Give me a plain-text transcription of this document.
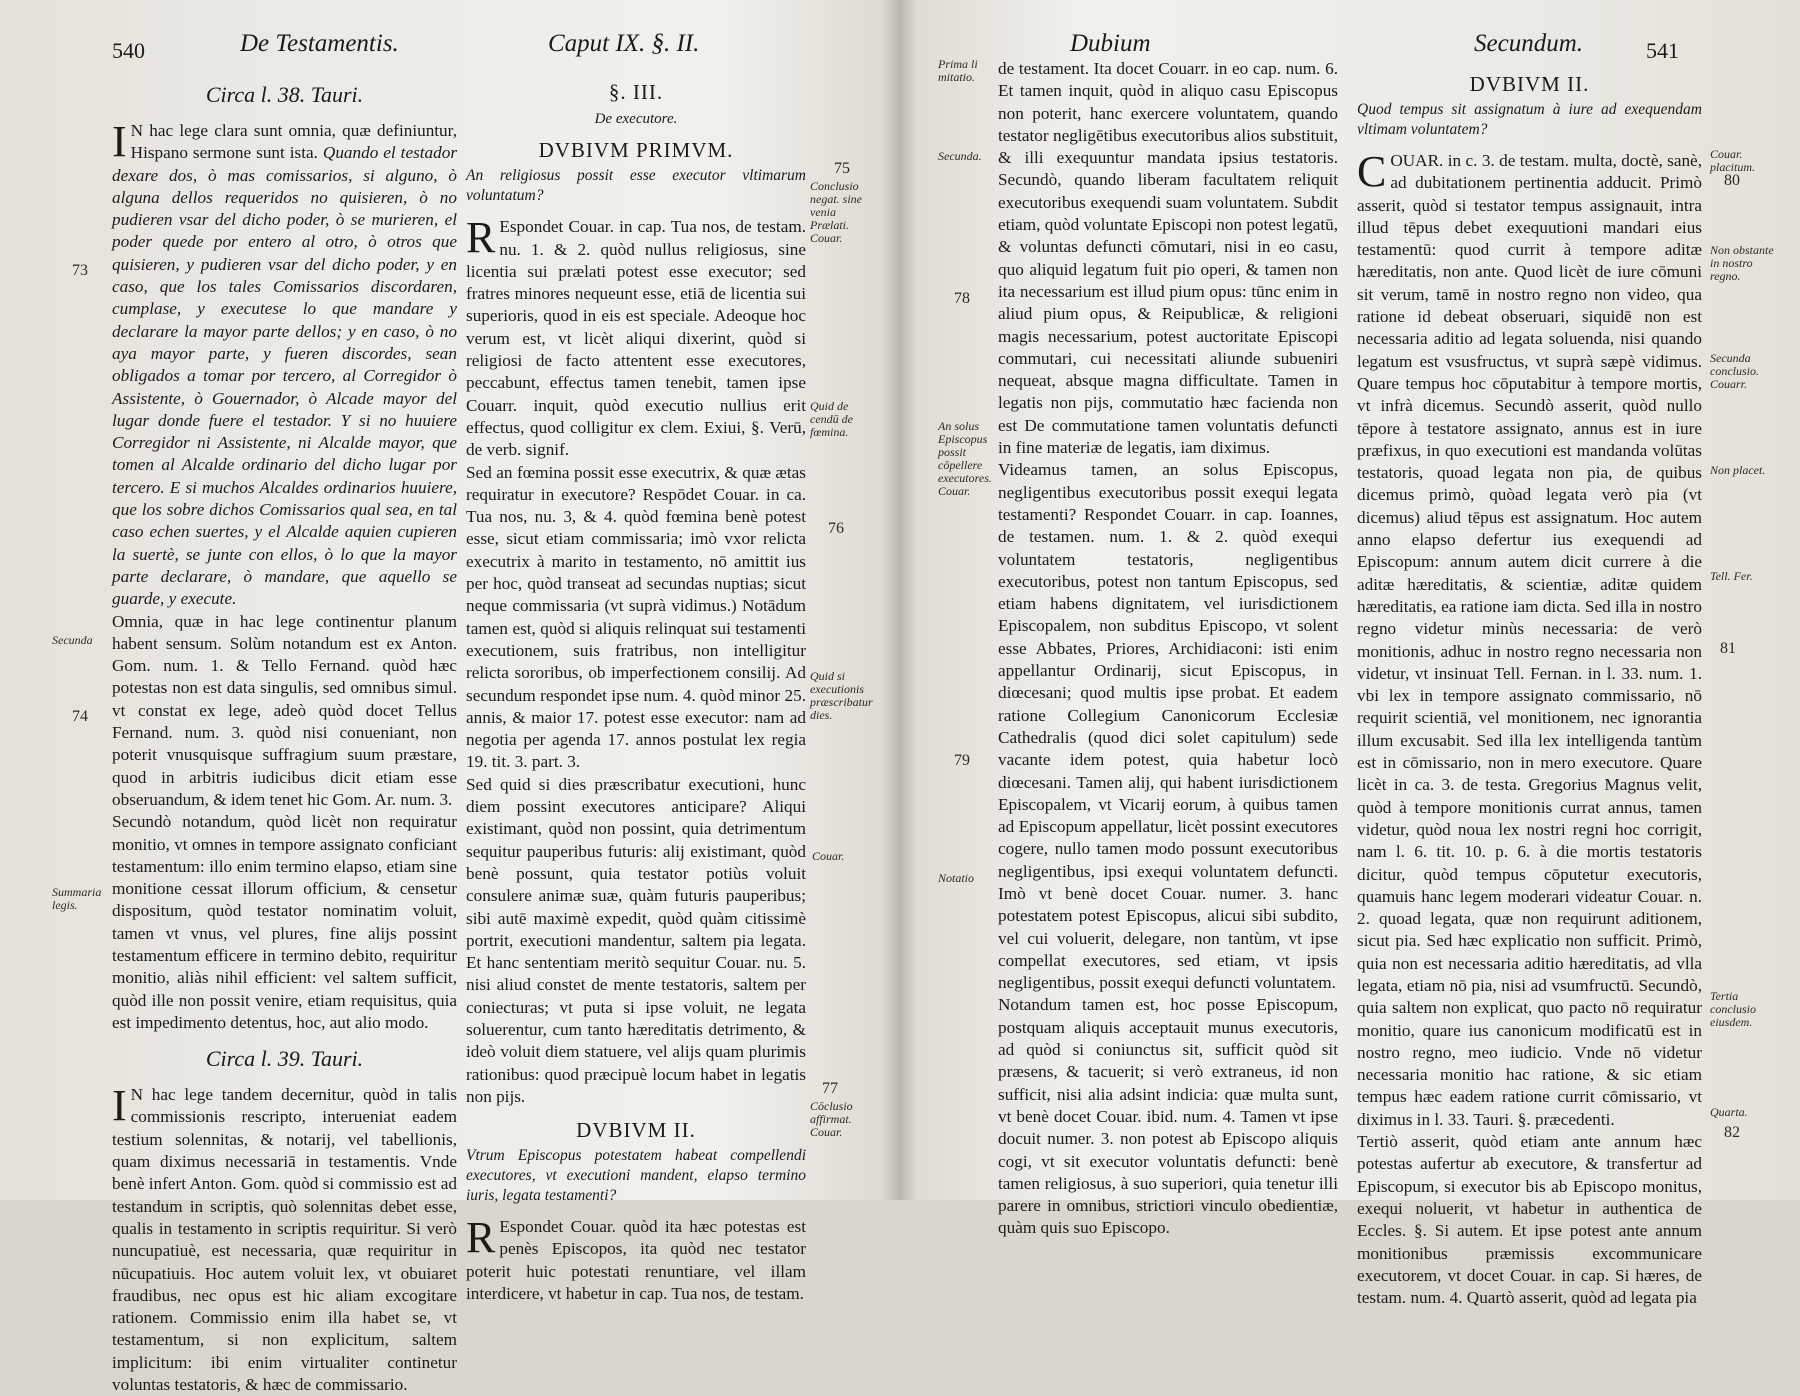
540	De Testamentis.	Caput IX. §. II.

Circa l. 38. Tauri.

I N hac lege clara sunt omnia, quæ definiuntur, Hispano sermone sunt ista. Quando el testador dexare dos, ò mas comissarios, si alguno, ò alguna dellos requeridos no quisieren, ò no pudieren vsar del dicho poder, ò se murieren, el poder quede por entero al otro, ò otros que quisieren, y pudieren vsar del dicho poder, y en caso, que los tales Comissarios discordaren, cumplase, y executese lo que mandare y declarare la mayor parte dellos; y en caso, ò no aya mayor parte, y fueren discordes, sean obligados a tomar por tercero, al Corregidor ò Assistente, ò Gouernador, ò Alcade mayor del lugar donde fuere el testador. Y si no huuiere Corregidor ni Assistente, ni Alcalde mayor, que tomen al Alcalde ordinario del dicho lugar por tercero. E si muchos Alcaldes ordinarios huuiere, que los sobre dichos Comissarios qual sea, en tal caso echen suertes, y el Alcalde aquien cupieren la suertè, se junte con ellos, ò lo que la mayor parte declarare, ò mandare, que aquello se guarde, y execute.

Omnia, quæ in hac lege continentur planum habent sensum. Solùm notandum est ex Anton. Gom. num. 1. & Tello Fernand. quòd hæc potestas non est data singulis, sed omnibus simul. vt constat ex lege, adeò quòd docet Tellus Fernand. num. 3. quòd nisi conueniant, non poterit vnusquisque suffragium suum præstare, quod in arbitris iudicibus dicit etiam esse obseruandum, & idem tenet hic Gom. Ar. num. 3.

Secundò notandum, quòd licèt non requiratur monitio, vt omnes in tempore assignato conficiant testamentum: illo enim termino elapso, etiam sine monitione cessat illorum officium, & censetur dispositum, quòd testator nominatim voluit, tamen vt vnus, vel plures, fine alijs possint testamentum efficere in termino debito, requiritur monitio, aliàs nihil efficient: vel saltem sufficit, quòd ille non possit venire, etiam requisitus, quia est impedimento detentus, hoc, aut alio modo.

Circa l. 39. Tauri.

I N hac lege tandem decernitur, quòd in talis commissionis rescripto, interueniat eadem testium solennitas, & notarij, vel tabellionis, quam diximus necessariā in testamentis. Vnde benè infert Anton. Gom. quòd si commissio est ad testandum in scriptis, quò solennitas debet esse, qualis in testamento in scriptis requiritur. Si verò nuncupatiuè, est necessaria, quæ requiritur in nūcupatiuis. Hoc autem voluit lex, vt obuiaret fraudibus, nec opus est hic aliam excogitare rationem. Commissio enim illa habet se, vt testamentum, si non explicitum, saltem implicitum: ibi enim virtualiter continetur voluntas testatoris, & hæc de commissario.

73
Secunda
74
Summaria legis.

§. III.

De executore.

DVBIVM PRIMVM.

An religiosus possit esse executor vltimarum voluntatum?

R Espondet Couar. in cap. Tua nos, de testam. nu. 1. & 2. quòd nullus religiosus, sine licentia sui prælati potest esse executor; sed fratres minores nequeunt esse, etiā de licentia sui superioris, quod in eis est speciale. Adeoque hoc verum est, vt licèt aliqui dixerint, quòd si religiosi de facto attentent esse executores, peccabunt, effectus tamen tenebit, tamen ipse Couarr. inquit, quòd executio nullius erit effectus, quod colligitur ex clem. Exiui, §. Verū, de verb. signif.

Sed an fœmina possit esse executrix, & quæ ætas requiratur in executore? Respōdet Couar. in ca. Tua nos, nu. 3, & 4. quòd fœmina benè potest esse, sicut etiam commissaria; imò vxor relicta executrix à marito in testamento, nō amittit ius per hoc, quòd transeat ad secundas nuptias; sicut neque commissaria (vt suprà vidimus.) Notādum tamen est, quòd si aliquis relinquat sui testamenti executionem, suis fratribus, non intelligitur relicta sororibus, ob imperfectionem consilij. Ad secundum respondet ipse num. 4. quòd minor 25. annis, & maior 17. potest esse executor: nam ad negotia per agenda 17. annos postulat lex regia 19. tit. 3. part. 3.

Sed quid si dies præscribatur executioni, hunc diem possint executores anticipare? Aliqui existimant, quòd non possint, quia detrimentum sequitur pauperibus futuris: alij existimant, quòd benè possunt, quia testator potiùs voluit consulere animæ suæ, quàm futuris pauperibus; sibi autē maximè expedit, quòd quàm citissimè portrit, executioni mandentur, saltem pia legata. Et hanc sententiam meritò sequitur Couar. nu. 5. nisi aliud constet de mente testatoris, saltem per coniecturas; vt puta si ipse voluit, ne legata soluerentur, cum tanto hæreditatis detrimento, & ideò voluit diem statuere, vel alijs quam plurimis rationibus: quod præcipuè locum habet in legatis non pijs.

DVBIVM II.

Vtrum Episcopus potestatem habeat compellendi executores, vt executioni mandent, elapso termino iuris, legata testamenti?

R Espondet Couar. quòd ita hæc potestas est penès Episcopos, ita quòd nec testator poterit huic potestati renuntiare, vel illam interdicere, vt habetur in cap. Tua nos, de testam.

75
Conclusio negat. sine venia Prælati. Couar.
Quid de cendū de fœmina.
76
Quid si executionis præscribatur dies.
Couar.
77
Cōclusio affirmat. Couar.
Dubium	Secundum.	541

de testament. Ita docet Couarr. in eo cap. num. 6. Et tamen inquit, quòd in aliquo casu Episcopus non poterit, hanc exercere voluntatem, quando testator negligētibus executoribus alios substituit, & illi exequuntur mandata ipsius testatoris. Secundò, quando liberam facultatem reliquit executoribus exequendi suam voluntatem. Subdit etiam, quòd voluntate Episcopi non potest legatū, & voluntas defuncti cōmutari, nisi in eo casu, quo aliquid legatum fuit pio operi, & tamen non ita necessarium est illud pium opus: tūnc enim in aliud pium opus, & Reipublicæ, & religioni magis necessarium, potest auctoritate Episcopi commutari, cui necessitati aliunde subueniri nequeat, absque magna difficultate. Tamen in legatis non pijs, commutatio hæc facienda non est De commutatione tamen voluntatis defuncti in fine materiæ de legatis, iam diximus.

Videamus tamen, an solus Episcopus, negligentibus executoribus possit exequi legata testamenti? Respondet Couarr. in cap. Ioannes, de testamen. num. 1. & 2. quòd exequi voluntatem testatoris, negligentibus executoribus, potest non tantum Episcopus, sed etiam habens dignitatem, vel iurisdictionem Episcopalem, non subditus Episcopo, vt solent esse Abbates, Priores, Archidiaconi: isti enim appellantur Ordinarij, sicut Episcopus, in diœcesani; quod multis ipse probat. Et eadem ratione Collegium Canonicorum Ecclesiæ Cathedralis (quod dici solet capitulum) sede vacante idem potest, quia habetur locò diœcesani. Tamen alij, qui habent iurisdictionem Episcopalem, vt Vicarij eorum, à quibus tamen ad Episcopum appellatur, licèt possint executores cogere, nullo tamen modo possunt executoribus negligentibus, ipsi exequi voluntatem defuncti. Imò vt benè docet Couar. numer. 3. hanc potestatem potest Episcopus, alicui sibi subdito, vel cui voluerit, delegare, non tantùm, vt ipse compellat executores, sed etiam, vt ipsis negligentibus, possit exequi defuncti voluntatem.

Notandum tamen est, hoc posse Episcopum, postquam aliquis acceptauit munus executoris, ad quòd si coniunctus sit, sufficit quòd sit præsens, & tacuerit; si verò extraneus, id non sufficit, nisi alia adsint indicia: quæ multa sunt, vt benè docet Couar. ibid. num. 4. Tamen vt ipse docuit numer. 3. non potest ab Episcopo aliquis cogi, vt sit executor voluntatis defuncti: benè tamen religiosus, à suo superiori, quia tenetur illi parere in omnibus, strictiori vinculo obedientiæ, quàm quis suo Episcopo.

Prima li mitatio.
Secunda.
78
An solus Episcopus possit cōpellere executores. Couar.
79
Notatio

DVBIVM II.

Quod tempus sit assignatum à iure ad exequendam vltimam voluntatem?

COUAR. in c. 3. de testam. multa, doctè, sanè, ad dubitationem pertinentia adducit. Primò asserit, quòd si testator tempus assignauit, intra illud tēpus debet exequutioni mandari eius testamentū: quod currit à tempore aditæ hæreditatis, non ante. Quod licèt de iure cōmuni sit verum, tamē in nostro regno non video, qua ratione id debeat obseruari, siquidē non est necessaria aditio ad legata soluenda, nisi quando legatum est vsusfructus, vt suprà sæpè vidimus. Quare tempus hoc cōputabitur à tempore mortis, vt infrà dicemus. Secundò asserit, quòd nullo tēpore à testatore assignato, annus est in iure præfixus, in quo executioni est mandanda volūtas testatoris, quoad legata non pia, de quibus dicemus primò, quòad legata verò pia (vt dicemus) aliud tēpus est assignatum. Hoc autem anno elapso defertur ius exequendi ad Episcopum: annum autem dicit currere à die aditæ hæreditatis, & scientiæ, aditæ quidem hæreditatis, ea ratione iam dicta. Sed illa in nostro regno videtur minùs necessaria: de verò monitionis, adhuc in nostro regno necessaria non videtur, vt insinuat Tell. Fernan. in l. 33. num. 1. vbi lex in tempore assignato commissario, nō requirit scientiā, vel monitionem, nec ignorantia illum excusabit. Sed illa lex intelligenda tantùm est in cōmissario, non in mero executore. Quare licèt in ca. 3. de testa. Gregorius Magnus velit, quòd à tempore monitionis currat annus, tamen videtur, quòd noua lex nostri regni hoc corrigit, nam l. 6. tit. 10. p. 6. à die mortis testatoris dicitur, quòd tempus cōputetur executoris, quamuis hanc legem moderari videatur Couar. n. 2. quoad legata, quæ non requirunt aditionem, sicut pia. Sed hæc explicatio non sufficit. Primò, quia non est necessaria aditio hæreditatis, ad vlla legata, etiam nō pia, nisi ad vsumfructū. Secundò, quia saltem non explicat, quo pacto nō requiratur monitio, quare ius canonicum modificatū est in nostro regno, meo iudicio. Vnde nō videtur necessaria monitio hac ratione, & sic etiam tempus hæc eadem ratione currit cōmissario, vt diximus in l. 33. Tauri. §. præcedenti.

Tertiò asserit, quòd etiam ante annum hæc potestas aufertur ab executore, & transfertur ad Episcopum, si executor bis ab Episcopo monitus, exequi noluerit, vt habetur in authentica de Eccles. §. Si autem. Et ipse potest ante annum monitionibus præmissis excommunicare executorem, vt docet Couar. in cap. Si hæres, de testam. num. 4. Quartò asserit, quòd ad legata pia

Couar. placitum.
80
Non obstante in nostro regno.
Secunda conclusio. Couarr.
Non placet.
Tell. Fer.
81
Tertia conclusio eiusdem.
Quarta.
82
